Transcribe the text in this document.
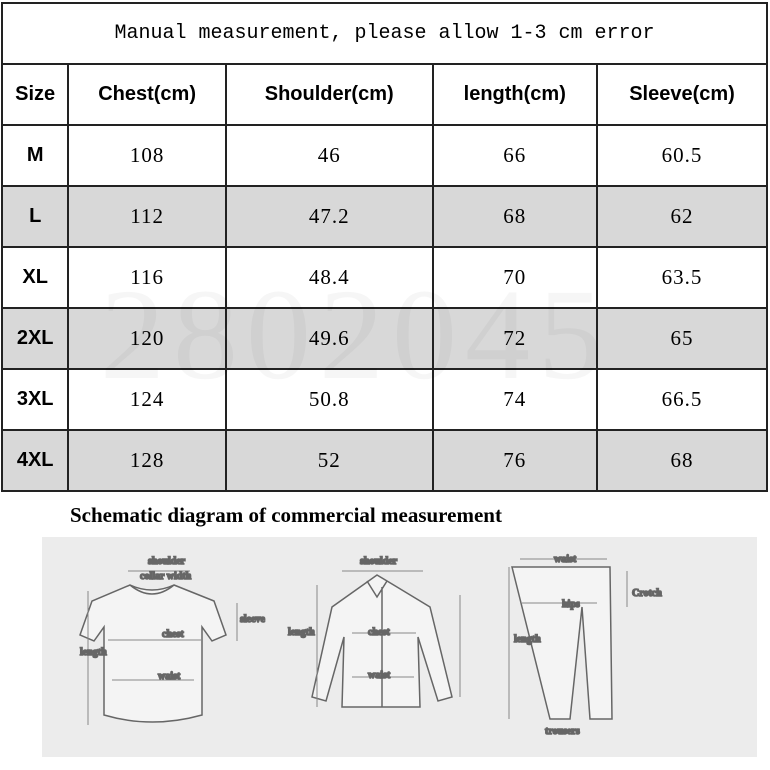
Manual measurement, please allow 1-3 cm error				
Size	Chest(cm)	Shoulder(cm)	length(cm)	Sleeve(cm)
M	108	46	66	60.5
L	112	47.2	68	62
XL	116	48.4	70	63.5
2XL	120	49.6	72	65
3XL	124	50.8	74	66.5
4XL	128	52	76	68
Schematic diagram of commercial measurement
shoulder
collar width
sleeve
chest
length
waist
shoulder
length	chest
waist
waist
Crotch
hips
length
trousers
